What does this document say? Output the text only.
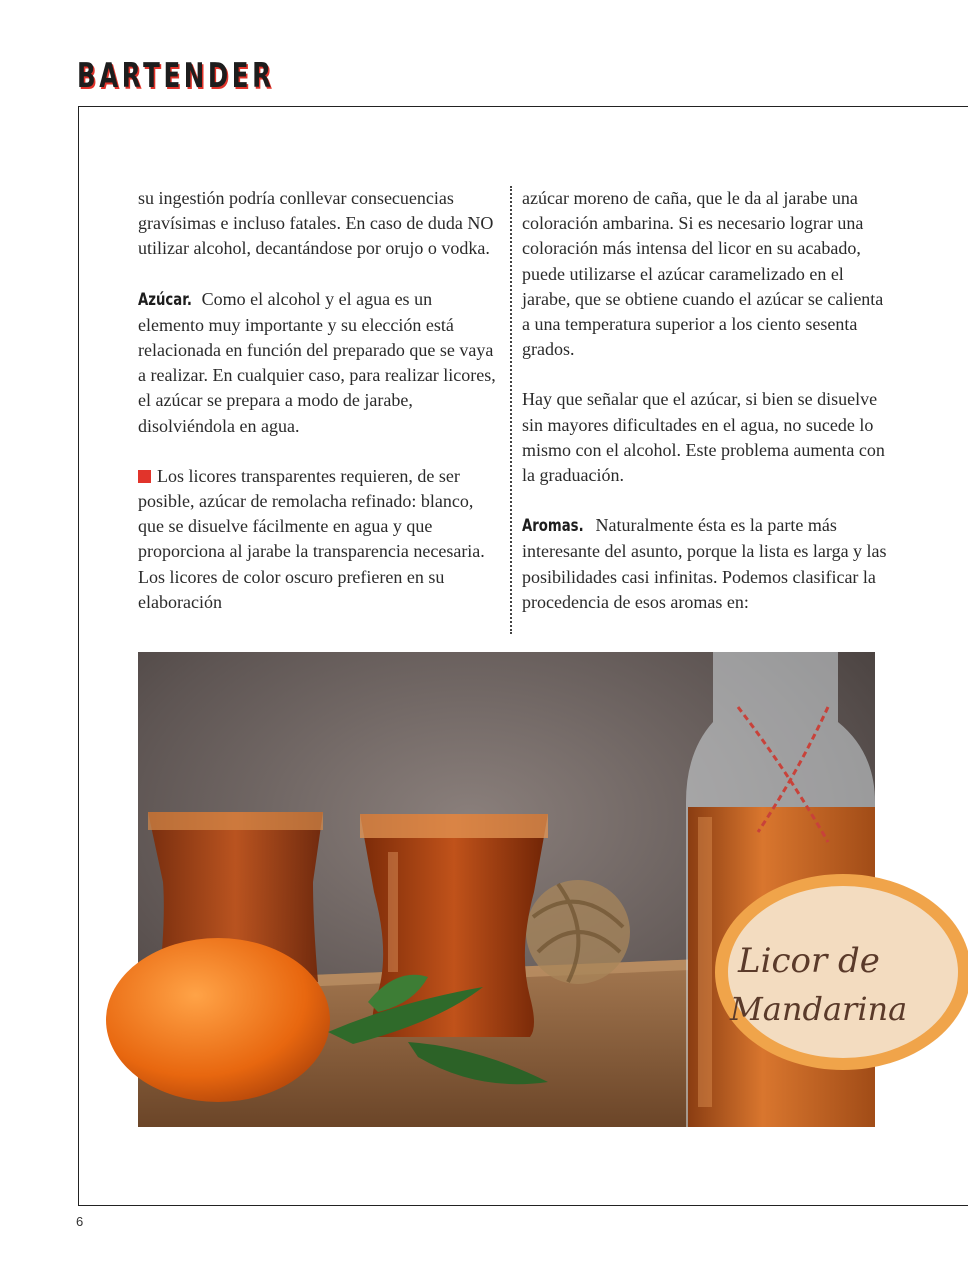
BARTENDER

su ingestión podría conllevar consecuencias gravísimas e incluso fatales. En caso de duda NO utilizar alcohol, decantándose por orujo o vodka.

Azúcar. Como el alcohol y el agua es un elemento muy importante y su elección está relacionada en función del preparado que se vaya a realizar. En cualquier caso, para realizar licores, el azúcar se prepara a modo de jarabe, disolviéndola en agua.

Los licores transparentes requieren, de ser posible, azúcar de remolacha refinado: blanco, que se disuelve fácilmente en agua y que proporciona al jarabe la transparencia necesaria. Los licores de color oscuro prefieren en su elaboración

azúcar moreno de caña, que le da al jarabe una coloración ambarina. Si es necesario lograr una coloración más intensa del licor en su acabado, puede utilizarse el azúcar caramelizado en el jarabe, que se obtiene cuando el azúcar se calienta a una temperatura superior a los ciento sesenta grados.

Hay que señalar que el azúcar, si bien se disuelve sin mayores dificultades en el agua, no sucede lo mismo con el alcohol. Este problema aumenta con la graduación.

Aromas. Naturalmente ésta es la parte más interesante del asunto, porque la lista es larga y las posibilidades casi infinitas. Podemos clasificar la procedencia de esos aromas en:

Licor de
Mandarina
6
